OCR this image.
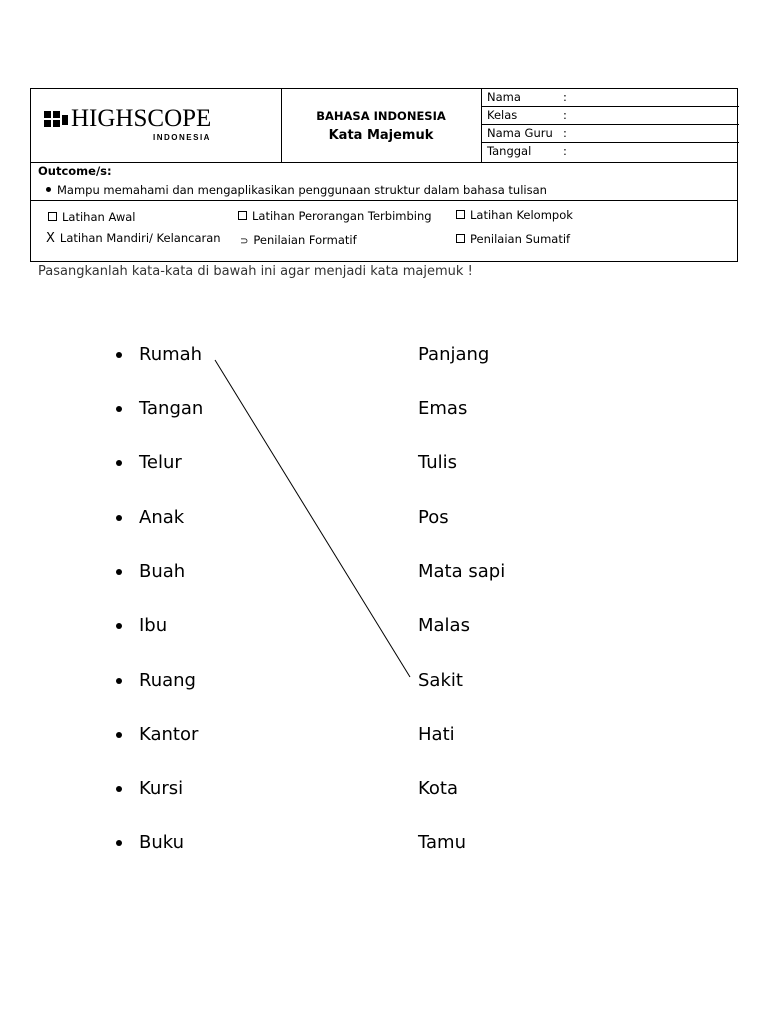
HIGHSCOPE
INDONESIA
BAHASA INDONESIA
Kata Majemuk
Nama	:
Kelas	:
Nama Guru :
Tanggal	:
Outcome/s:
Mampu memahami dan mengaplikasikan penggunaan struktur dalam bahasa tulisan
Latihan Awal	Latihan Perorangan Terbimbing	Latihan Kelompok
X Latihan Mandiri/ Kelancaran ⊃ Penilaian Formatif	Penilaian Sumatif
Pasangkanlah kata-kata di bawah ini agar menjadi kata majemuk !
Rumah
Tangan
Telur
Anak
Buah
Ibu
Ruang
Kantor
Kursi
Buku
Panjang
Emas
Tulis
Pos
Mata sapi
Malas
Sakit
Hati
Kota
Tamu
